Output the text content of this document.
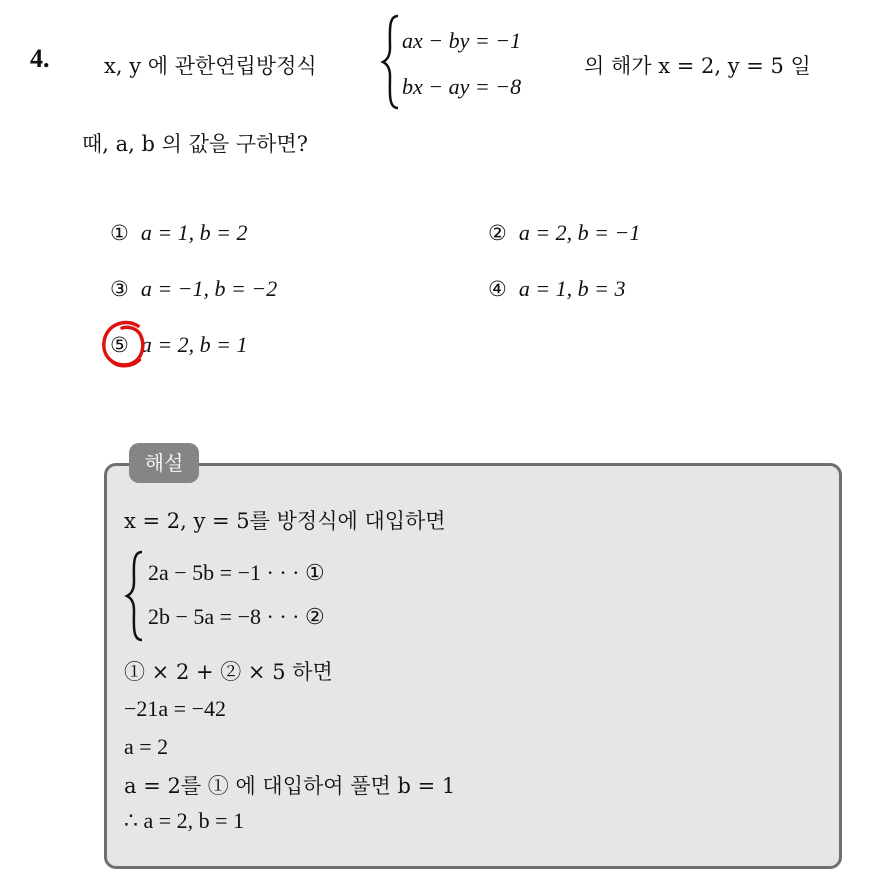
4.	x, y 에 관한연립방정식
ax − by = −1
bx − ay = −8
의 해가 x = 2, y = 5 일
때, a, b 의 값을 구하면?
① a = 1, b = 2	② a = 2, b = −1
③ a = −1, b = −2	④ a = 1, b = 3
⑤ a = 2, b = 1
해설
x = 2, y = 5를 방정식에 대입하면
2a − 5b = −1 · · · ①
2b − 5a = −8 · · · ②
① × 2 + ② × 5 하면
−21a = −42
a = 2
a = 2를 ① 에 대입하여 풀면 b = 1
∴ a = 2, b = 1
